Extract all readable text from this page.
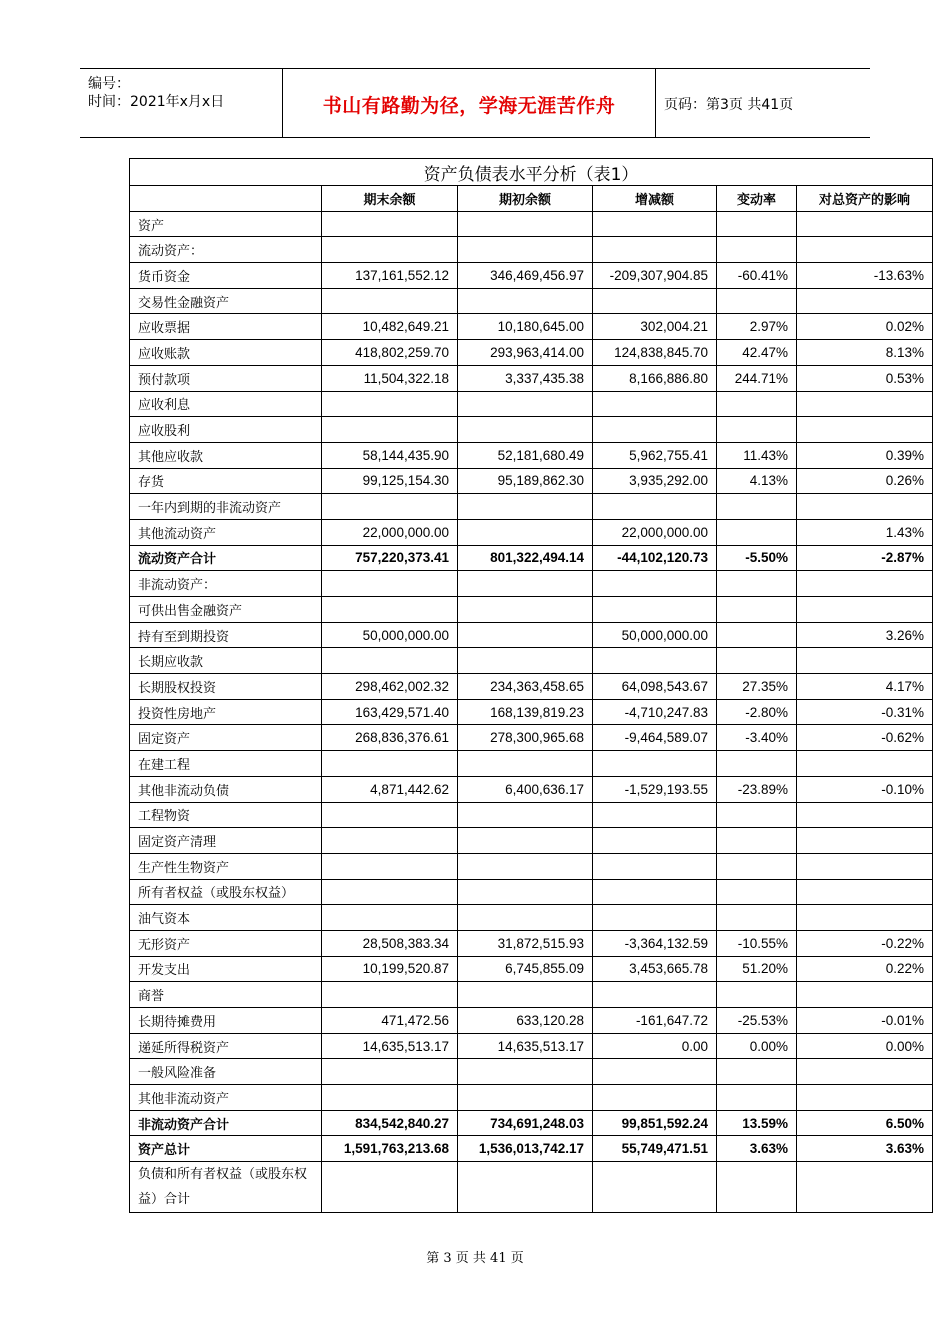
编号：
时间：2021年x月x日	书山有路勤为径，学海无涯苦作舟	页码：第3页 共41页
资产负债表水平分析（表1）					
	期末余额	期初余额	增减额	变动率	对总资产的影响
资产					
流动资产：					
货币资金	137,161,552.12	346,469,456.97	-209,307,904.85	-60.41%	-13.63%
交易性金融资产					
应收票据	10,482,649.21	10,180,645.00	302,004.21	2.97%	0.02%
应收账款	418,802,259.70	293,963,414.00	124,838,845.70	42.47%	8.13%
预付款项	11,504,322.18	3,337,435.38	8,166,886.80	244.71%	0.53%
应收利息					
应收股利					
其他应收款	58,144,435.90	52,181,680.49	5,962,755.41	11.43%	0.39%
存货	99,125,154.30	95,189,862.30	3,935,292.00	4.13%	0.26%
一年内到期的非流动资产					
其他流动资产	22,000,000.00		22,000,000.00		1.43%
流动资产合计	757,220,373.41	801,322,494.14	-44,102,120.73	-5.50%	-2.87%
非流动资产：					
可供出售金融资产					
持有至到期投资	50,000,000.00		50,000,000.00		3.26%
长期应收款					
长期股权投资	298,462,002.32	234,363,458.65	64,098,543.67	27.35%	4.17%
投资性房地产	163,429,571.40	168,139,819.23	-4,710,247.83	-2.80%	-0.31%
固定资产	268,836,376.61	278,300,965.68	-9,464,589.07	-3.40%	-0.62%
在建工程					
其他非流动负债	4,871,442.62	6,400,636.17	-1,529,193.55	-23.89%	-0.10%
工程物资					
固定资产清理					
生产性生物资产					
所有者权益（或股东权益）					
油气资本					
无形资产	28,508,383.34	31,872,515.93	-3,364,132.59	-10.55%	-0.22%
开发支出	10,199,520.87	6,745,855.09	3,453,665.78	51.20%	0.22%
商誉					
长期待摊费用	471,472.56	633,120.28	-161,647.72	-25.53%	-0.01%
递延所得税资产	14,635,513.17	14,635,513.17	0.00	0.00%	0.00%
一般风险准备					
其他非流动资产					
非流动资产合计	834,542,840.27	734,691,248.03	99,851,592.24	13.59%	6.50%
资产总计	1,591,763,213.68	1,536,013,742.17	55,749,471.51	3.63%	3.63%
负债和所有者权益（或股东权益）合计					
第 3 页 共 41 页
